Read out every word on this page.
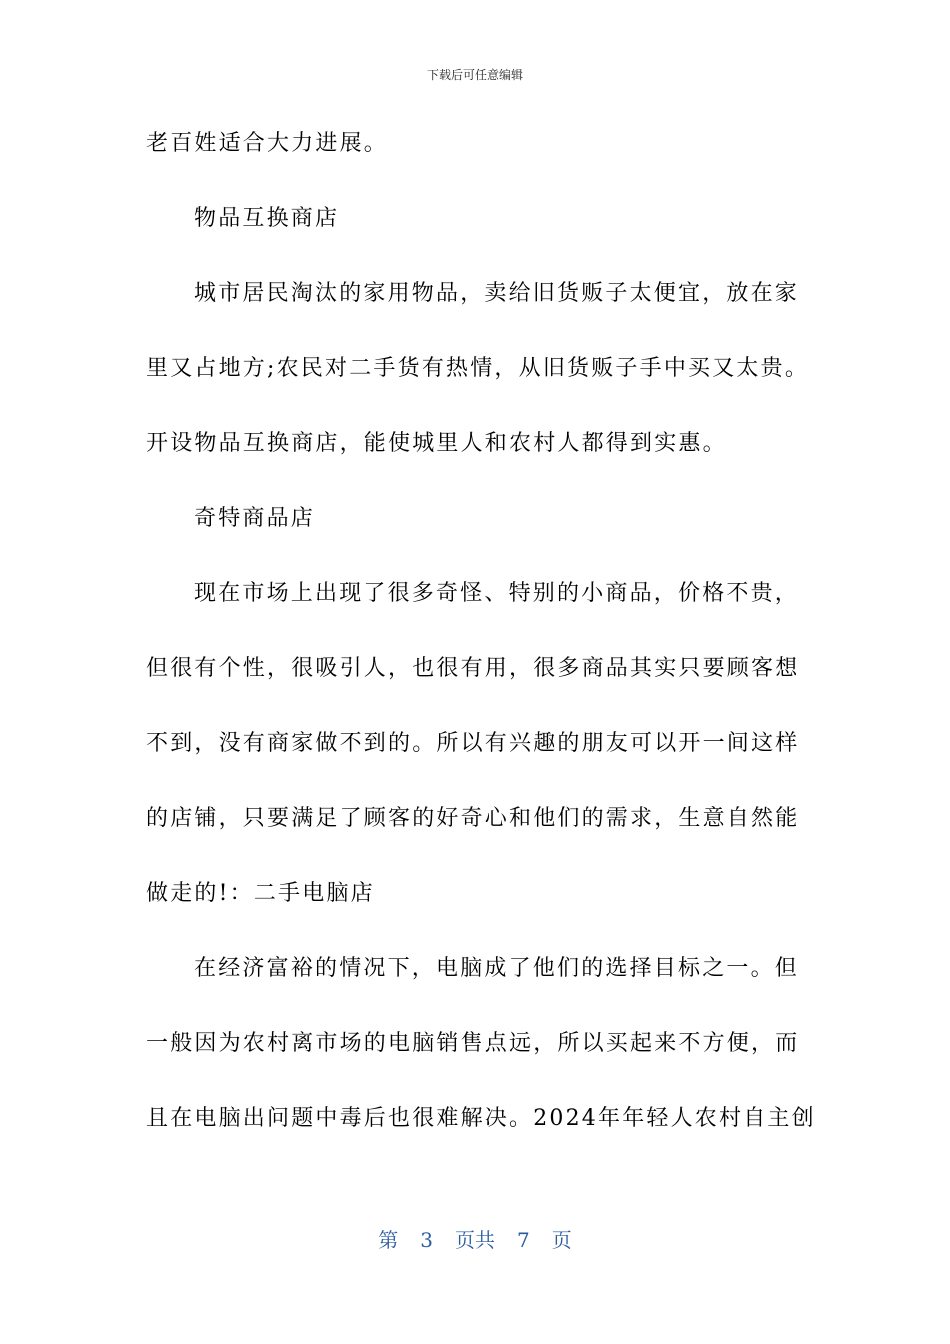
下载后可任意编辑
老百姓适合大力进展。
物品互换商店
城市居民淘汰的家用物品，卖给旧货贩子太便宜，放在家
里又占地方;农民对二手货有热情，从旧货贩子手中买又太贵。
开设物品互换商店，能使城里人和农村人都得到实惠。
奇特商品店
现在市场上出现了很多奇怪、特别的小商品，价格不贵，
但很有个性，很吸引人，也很有用，很多商品其实只要顾客想
不到，没有商家做不到的。所以有兴趣的朋友可以开一间这样
的店铺，只要满足了顾客的好奇心和他们的需求，生意自然能
做走的!：二手电脑店
在经济富裕的情况下，电脑成了他们的选择目标之一。但
一般因为农村离市场的电脑销售点远，所以买起来不方便，而
且在电脑出问题中毒后也很难解决。2024年年轻人农村自主创
第 3 页共 7 页
